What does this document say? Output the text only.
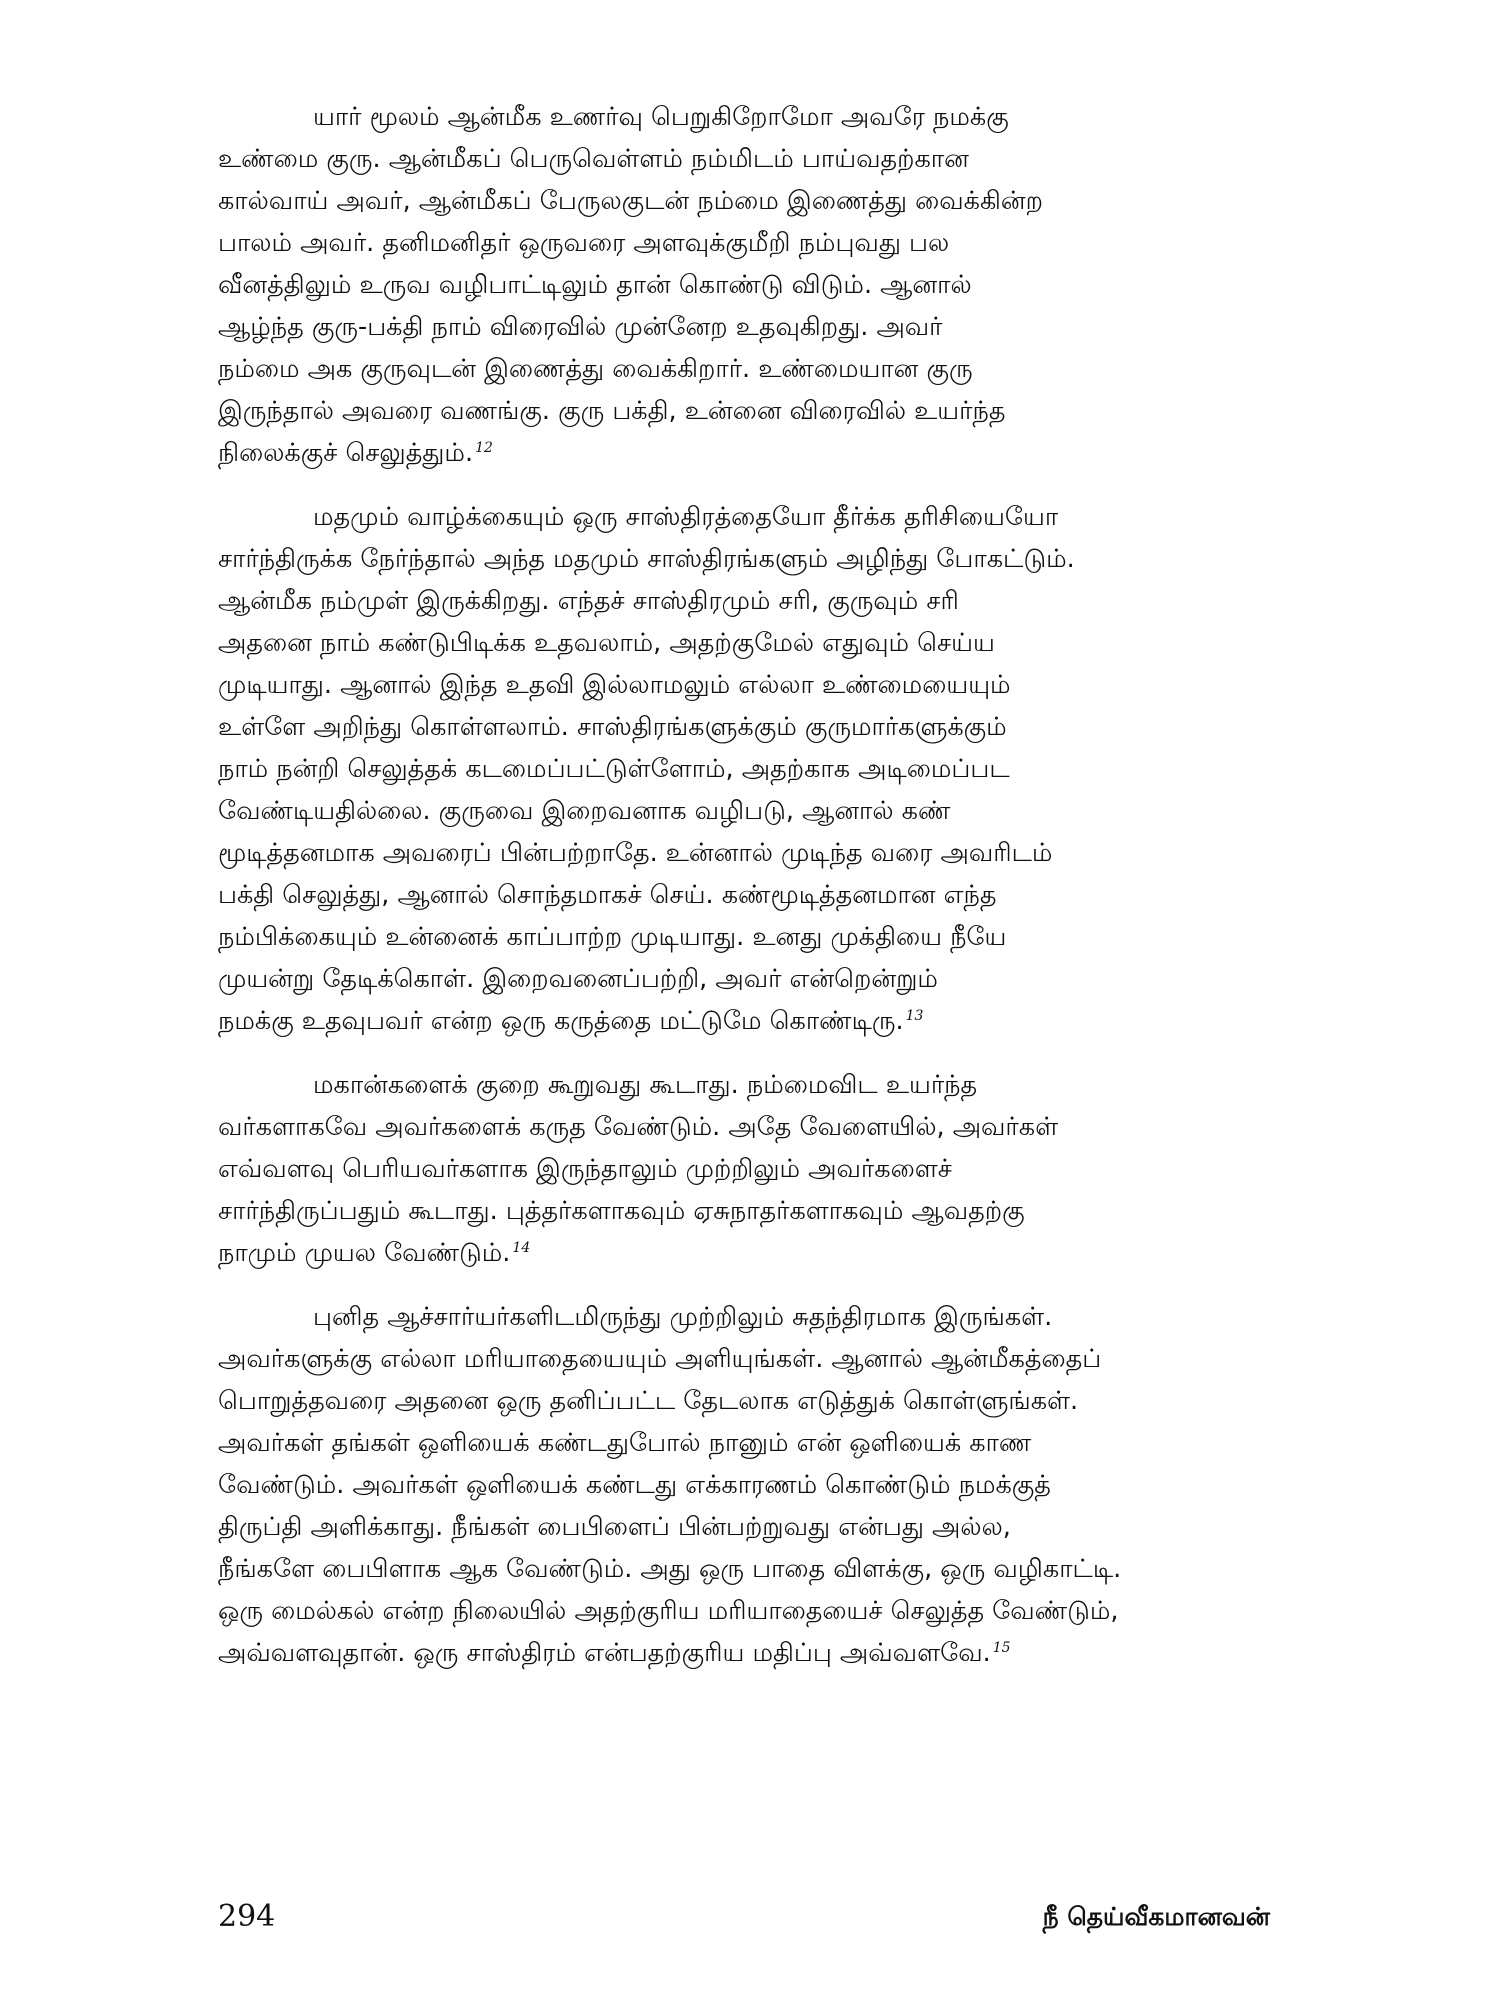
யார் மூலம் ஆன்மீக உணர்வு பெறுகிறோமோ அவரே நமக்கு
உண்மை குரு. ஆன்மீகப் பெருவெள்ளம் நம்மிடம் பாய்வதற்கான
கால்வாய் அவர், ஆன்மீகப் பேருலகுடன் நம்மை இணைத்து வைக்கின்ற
பாலம் அவர். தனிமனிதர் ஒருவரை அளவுக்குமீறி நம்புவது பல
வீனத்திலும் உருவ வழிபாட்டிலும் தான் கொண்டு விடும். ஆனால்
ஆழ்ந்த குரு-பக்தி நாம் விரைவில் முன்னேற உதவுகிறது. அவர்
நம்மை அக குருவுடன் இணைத்து வைக்கிறார். உண்மையான குரு
இருந்தால் அவரை வணங்கு. குரு பக்தி, உன்னை விரைவில் உயர்ந்த
நிலைக்குச் செலுத்தும். $^{12}$
மதமும் வாழ்க்கையும் ஒரு சாஸ்திரத்தையோ தீர்க்க தரிசியையோ
சார்ந்திருக்க நேர்ந்தால் அந்த மதமும் சாஸ்திரங்களும் அழிந்து போகட்டும்.
ஆன்மீக நம்முள் இருக்கிறது. எந்தச் சாஸ்திரமும் சரி, குருவும் சரி
அதனை நாம் கண்டுபிடிக்க உதவலாம், அதற்குமேல் எதுவும் செய்ய
முடியாது. ஆனால் இந்த உதவி இல்லாமலும் எல்லா உண்மையையும்
உள்ளே அறிந்து கொள்ளலாம். சாஸ்திரங்களுக்கும் குருமார்களுக்கும்
நாம் நன்றி செலுத்தக் கடமைப்பட்டுள்ளோம், அதற்காக அடிமைப்பட
வேண்டியதில்லை. குருவை இறைவனாக வழிபடு, ஆனால் கண்
மூடித்தனமாக அவரைப் பின்பற்றாதே. உன்னால் முடிந்த வரை அவரிடம்
பக்தி செலுத்து, ஆனால் சொந்தமாகச் செய். கண்மூடித்தனமான எந்த
நம்பிக்கையும் உன்னைக் காப்பாற்ற முடியாது. உனது முக்தியை நீயே
முயன்று தேடிக்கொள். இறைவனைப்பற்றி, அவர் என்றென்றும்
நமக்கு உதவுபவர் என்ற ஒரு கருத்தை மட்டுமே கொண்டிரு. $^{13}$
மகான்களைக் குறை கூறுவது கூடாது. நம்மைவிட உயர்ந்த
வர்களாகவே அவர்களைக் கருத வேண்டும். அதே வேளையில், அவர்கள்
எவ்வளவு பெரியவர்களாக இருந்தாலும் முற்றிலும் அவர்களைச்
சார்ந்திருப்பதும் கூடாது. புத்தர்களாகவும் ஏசுநாதர்களாகவும் ஆவதற்கு
நாமும் முயல வேண்டும். $^{14}$
புனித ஆச்சார்யர்களிடமிருந்து முற்றிலும் சுதந்திரமாக இருங்கள்.
அவர்களுக்கு எல்லா மரியாதையையும் அளியுங்கள். ஆனால் ஆன்மீகத்தைப்
பொறுத்தவரை அதனை ஒரு தனிப்பட்ட தேடலாக எடுத்துக் கொள்ளுங்கள்.
அவர்கள் தங்கள் ஒளியைக் கண்டதுபோல் நானும் என் ஒளியைக் காண
வேண்டும். அவர்கள் ஒளியைக் கண்டது எக்காரணம் கொண்டும் நமக்குத்
திருப்தி அளிக்காது. நீங்கள் பைபிளைப் பின்பற்றுவது என்பது அல்ல,
நீங்களே பைபிளாக ஆக வேண்டும். அது ஒரு பாதை விளக்கு, ஒரு வழிகாட்டி.
ஒரு மைல்கல் என்ற நிலையில் அதற்குரிய மரியாதையைச் செலுத்த வேண்டும்,
அவ்வளவுதான். ஒரு சாஸ்திரம் என்பதற்குரிய மதிப்பு அவ்வளவே. $^{15}$
294	நீ தெய்வீகமானவன்
